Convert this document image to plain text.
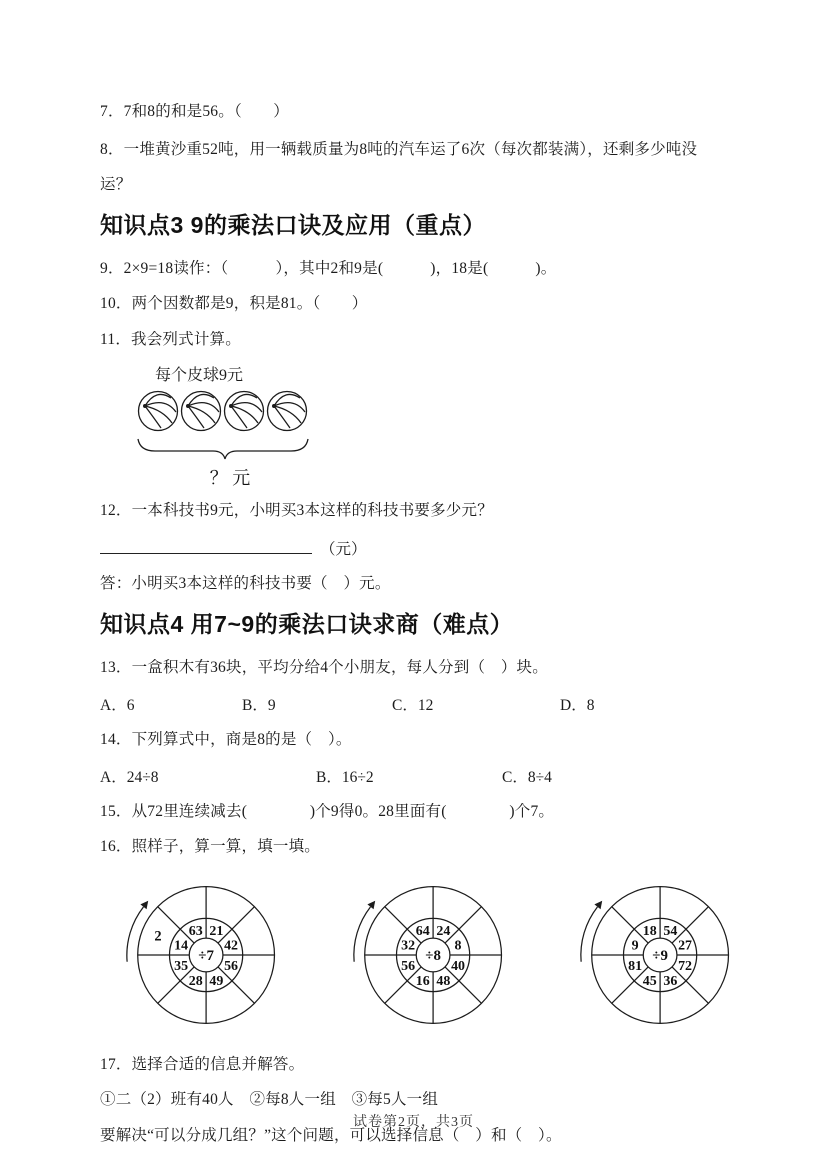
7．7和8的和是56。（　　）

8．一堆黄沙重52吨，用一辆载质量为8吨的汽车运了6次（每次都装满），还剩多少吨没

运？

知识点3 9的乘法口诀及应用（重点）

9．2×9=18读作：（　　　），其中2和9是(　　　)，18是(　　　)。

10．两个因数都是9，积是81。（　　）

11．我会列式计算。

每个皮球9元

？ 元

12．一本科技书9元，小明买3本这样的科技书要多少元？

（元）

答：小明买3本这样的科技书要（　）元。

知识点4 用7~9的乘法口诀求商（难点）

13．一盒积木有36块，平均分给4个小朋友，每人分到（　）块。

A．6	B．9	C．12	D．8

14．下列算式中，商是8的是（　）。

A．24÷8	B．16÷2	C．8÷4

15．从72里连续减去(　　　　)个9得0。28里面有(　　　　)个7。

16．照样子，算一算，填一填。

÷7
63 21
42
56
49
28
35
14
2
÷8
64 24
8
40
48
16
56
32
÷9
18 54
27
72
36
45
81
9

17．选择合适的信息并解答。

①二（2）班有40人　②每8人一组　③每5人一组

要解决“可以分成几组？”这个问题，可以选择信息（　）和（　）。

试卷第2页，共3页
